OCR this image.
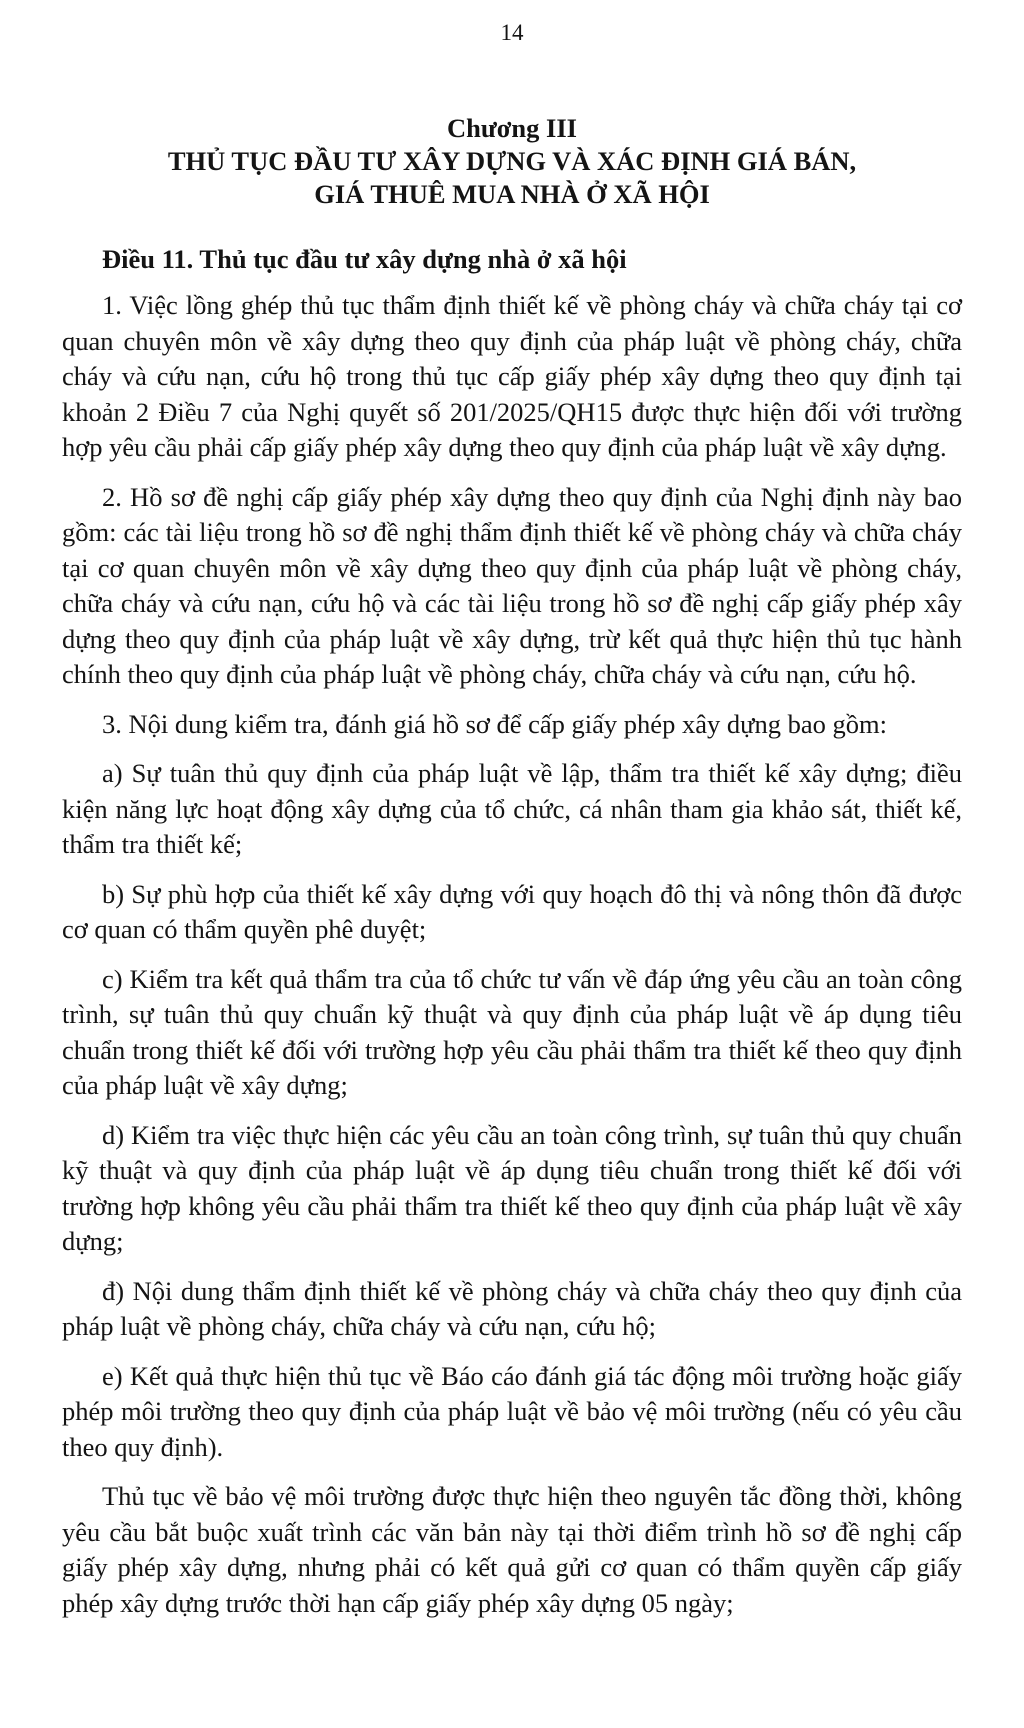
14
Chương III
THỦ TỤC ĐẦU TƯ XÂY DỰNG VÀ XÁC ĐỊNH GIÁ BÁN,
GIÁ THUÊ MUA NHÀ Ở XÃ HỘI
Điều 11. Thủ tục đầu tư xây dựng nhà ở xã hội

1. Việc lồng ghép thủ tục thẩm định thiết kế về phòng cháy và chữa cháy tại cơ quan chuyên môn về xây dựng theo quy định của pháp luật về phòng cháy, chữa cháy và cứu nạn, cứu hộ trong thủ tục cấp giấy phép xây dựng theo quy định tại khoản 2 Điều 7 của Nghị quyết số 201/2025/QH15 được thực hiện đối với trường hợp yêu cầu phải cấp giấy phép xây dựng theo quy định của pháp luật về xây dựng.

2. Hồ sơ đề nghị cấp giấy phép xây dựng theo quy định của Nghị định này bao gồm: các tài liệu trong hồ sơ đề nghị thẩm định thiết kế về phòng cháy và chữa cháy tại cơ quan chuyên môn về xây dựng theo quy định của pháp luật về phòng cháy, chữa cháy và cứu nạn, cứu hộ và các tài liệu trong hồ sơ đề nghị cấp giấy phép xây dựng theo quy định của pháp luật về xây dựng, trừ kết quả thực hiện thủ tục hành chính theo quy định của pháp luật về phòng cháy, chữa cháy và cứu nạn, cứu hộ.

3. Nội dung kiểm tra, đánh giá hồ sơ để cấp giấy phép xây dựng bao gồm:

a) Sự tuân thủ quy định của pháp luật về lập, thẩm tra thiết kế xây dựng; điều kiện năng lực hoạt động xây dựng của tổ chức, cá nhân tham gia khảo sát, thiết kế, thẩm tra thiết kế;

b) Sự phù hợp của thiết kế xây dựng với quy hoạch đô thị và nông thôn đã được cơ quan có thẩm quyền phê duyệt;

c) Kiểm tra kết quả thẩm tra của tổ chức tư vấn về đáp ứng yêu cầu an toàn công trình, sự tuân thủ quy chuẩn kỹ thuật và quy định của pháp luật về áp dụng tiêu chuẩn trong thiết kế đối với trường hợp yêu cầu phải thẩm tra thiết kế theo quy định của pháp luật về xây dựng;

d) Kiểm tra việc thực hiện các yêu cầu an toàn công trình, sự tuân thủ quy chuẩn kỹ thuật và quy định của pháp luật về áp dụng tiêu chuẩn trong thiết kế đối với trường hợp không yêu cầu phải thẩm tra thiết kế theo quy định của pháp luật về xây dựng;

đ) Nội dung thẩm định thiết kế về phòng cháy và chữa cháy theo quy định của pháp luật về phòng cháy, chữa cháy và cứu nạn, cứu hộ;

e) Kết quả thực hiện thủ tục về Báo cáo đánh giá tác động môi trường hoặc giấy phép môi trường theo quy định của pháp luật về bảo vệ môi trường (nếu có yêu cầu theo quy định).

Thủ tục về bảo vệ môi trường được thực hiện theo nguyên tắc đồng thời, không yêu cầu bắt buộc xuất trình các văn bản này tại thời điểm trình hồ sơ đề nghị cấp giấy phép xây dựng, nhưng phải có kết quả gửi cơ quan có thẩm quyền cấp giấy phép xây dựng trước thời hạn cấp giấy phép xây dựng 05 ngày;
